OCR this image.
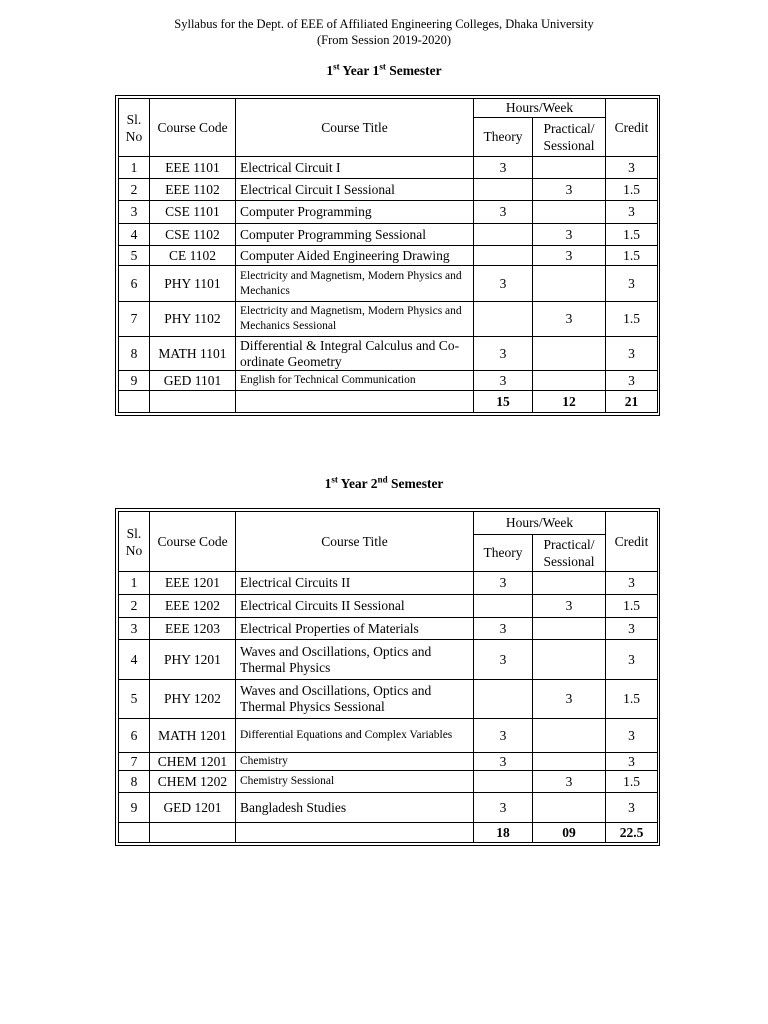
Syllabus for the Dept. of EEE of Affiliated Engineering Colleges, Dhaka University
(From Session 2019-2020)
1st Year 1st Semester
Sl. No	Course Code	Course Title	Hours/Week		Credit
			Theory	Practical/ Sessional	
1	EEE 1101	Electrical Circuit I	3		3
2	EEE 1102	Electrical Circuit I Sessional		3	1.5
3	CSE 1101	Computer Programming	3		3
4	CSE 1102	Computer Programming Sessional		3	1.5
5	CE 1102	Computer Aided Engineering Drawing		3	1.5
6	PHY 1101	Electricity and Magnetism, Modern Physics and Mechanics	3		3
7	PHY 1102	Electricity and Magnetism, Modern Physics and Mechanics Sessional		3	1.5
8	MATH 1101	Differential & Integral Calculus and Co-ordinate Geometry	3		3
9	GED 1101	English for Technical Communication	3		3
			15	12	21
1st Year 2nd Semester
Sl. No	Course Code	Course Title	Hours/Week		Credit
			Theory	Practical/ Sessional	
1	EEE 1201	Electrical Circuits II	3		3
2	EEE 1202	Electrical Circuits II Sessional		3	1.5
3	EEE 1203	Electrical Properties of Materials	3		3
4	PHY 1201	Waves and Oscillations, Optics and Thermal Physics	3		3
5	PHY 1202	Waves and Oscillations, Optics and Thermal Physics Sessional		3	1.5
6	MATH 1201	Differential Equations and Complex Variables	3		3
7	CHEM 1201	Chemistry	3		3
8	CHEM 1202	Chemistry Sessional		3	1.5
9	GED 1201	Bangladesh Studies	3		3
			18	09	22.5
